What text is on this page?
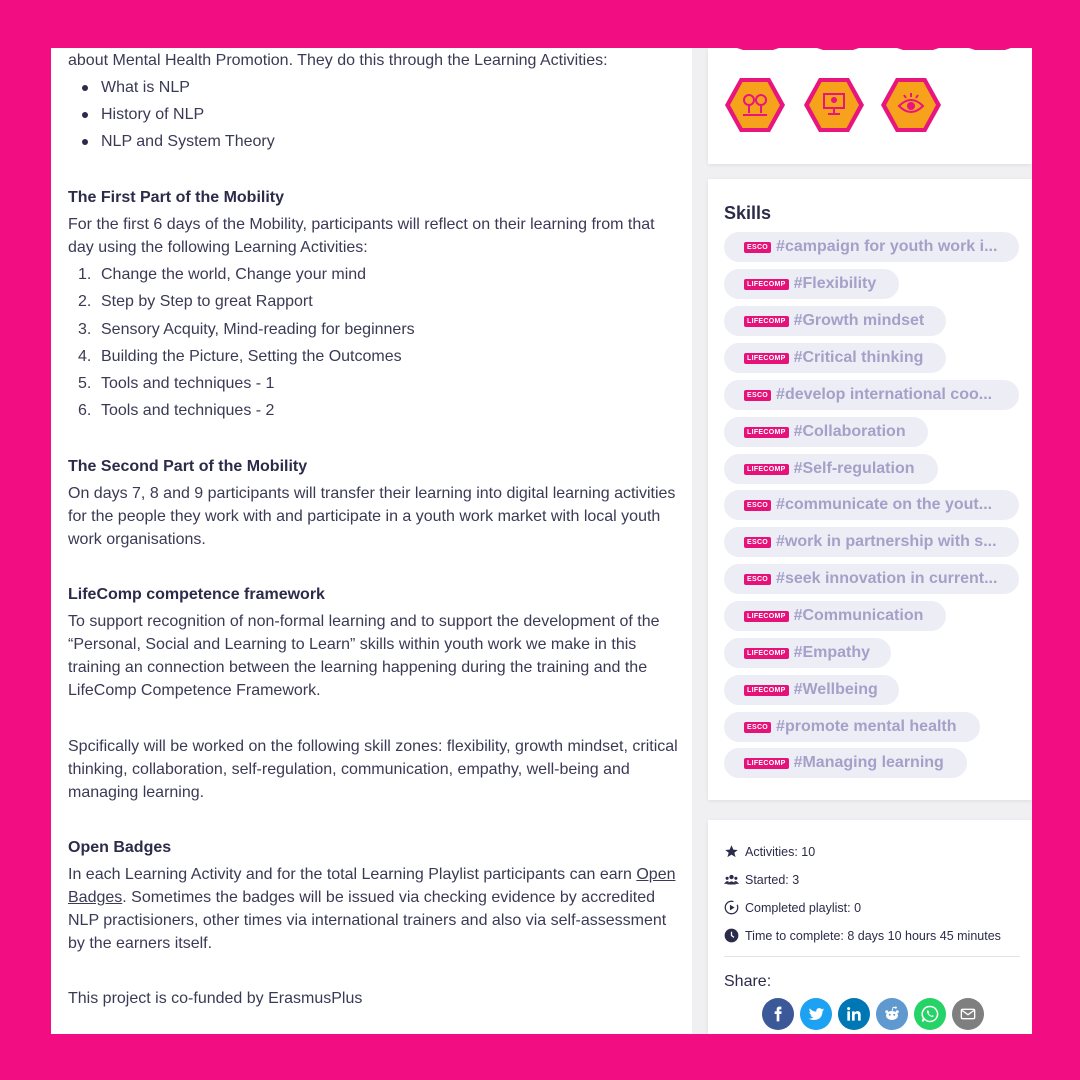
about Mental Health Promotion. They do this through the Learning Activities:

What is NLP
History of NLP
NLP and System Theory
The First Part of the Mobility

For the first 6 days of the Mobility, participants will reflect on their learning from that day using the following Learning Activities:

1. Change the world, Change your mind
2. Step by Step to great Rapport
3. Sensory Acquity, Mind-reading for beginners
4. Building the Picture, Setting the Outcomes
5. Tools and techniques - 1
6. Tools and techniques - 2
The Second Part of the Mobility

On days 7, 8 and 9 participants will transfer their learning into digital learning activities for the people they work with and participate in a youth work market with local youth work organisations.

LifeComp competence framework

To support recognition of non-formal learning and to support the development of the “Personal, Social and Learning to Learn” skills within youth work we make in this training an connection between the learning happening during the training and the LifeComp Competence Framework.

Spcifically will be worked on the following skill zones: flexibility, growth mindset, critical thinking, collaboration, self-regulation, communication, empathy, well-being and managing learning.

Open Badges

In each Learning Activity and for the total Learning Playlist participants can earn Open Badges. Sometimes the badges will be issued via checking evidence by accredited NLP practisioners, other times via international trainers and also via self-assessment by the earners itself.

This project is co-funded by ErasmusPlus

Skills
ESCO #campaign for youth work i...
LIFECOMP #Flexibility
LIFECOMP #Growth mindset
LIFECOMP #Critical thinking
ESCO #develop international coo...
LIFECOMP #Collaboration
LIFECOMP #Self-regulation
ESCO #communicate on the yout...
ESCO #work in partnership with s...
ESCO #seek innovation in current...
LIFECOMP #Communication
LIFECOMP #Empathy
LIFECOMP #Wellbeing
ESCO #promote mental health
LIFECOMP #Managing learning
Activities: 10
Started: 3
Completed playlist: 0
Time to complete: 8 days 10 hours 45 minutes
Share:
